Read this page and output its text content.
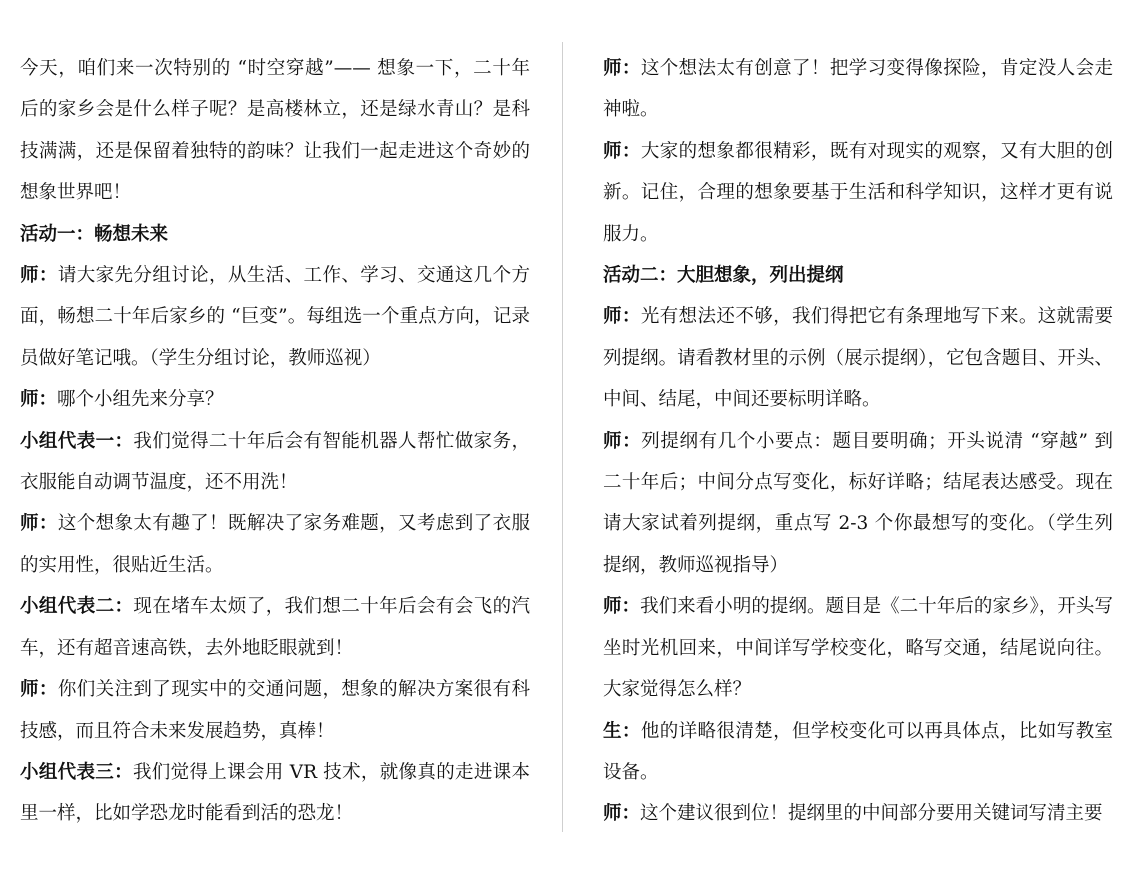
今天，咱们来一次特别的 “时空穿越”—— 想象一下，二十年后的家乡会是什么样子呢？是高楼林立，还是绿水青山？是科技满满，还是保留着独特的韵味？让我们一起走进这个奇妙的想象世界吧！

活动一：畅想未来

师：请大家先分组讨论，从生活、工作、学习、交通这几个方面，畅想二十年后家乡的 “巨变”。每组选一个重点方向，记录员做好笔记哦。（学生分组讨论，教师巡视）

师：哪个小组先来分享？

小组代表一：我们觉得二十年后会有智能机器人帮忙做家务，衣服能自动调节温度，还不用洗！

师：这个想象太有趣了！既解决了家务难题，又考虑到了衣服的实用性，很贴近生活。

小组代表二：现在堵车太烦了，我们想二十年后会有会飞的汽车，还有超音速高铁，去外地眨眼就到！

师：你们关注到了现实中的交通问题，想象的解决方案很有科技感，而且符合未来发展趋势，真棒！

小组代表三：我们觉得上课会用 VR 技术，就像真的走进课本里一样，比如学恐龙时能看到活的恐龙！

师：这个想法太有创意了！把学习变得像探险，肯定没人会走神啦。

师：大家的想象都很精彩，既有对现实的观察，又有大胆的创新。记住，合理的想象要基于生活和科学知识，这样才更有说服力。

活动二：大胆想象，列出提纲

师：光有想法还不够，我们得把它有条理地写下来。这就需要列提纲。请看教材里的示例（展示提纲），它包含题目、开头、中间、结尾，中间还要标明详略。

师：列提纲有几个小要点：题目要明确；开头说清 “穿越” 到二十年后；中间分点写变化，标好详略；结尾表达感受。现在请大家试着列提纲，重点写 2-3 个你最想写的变化。（学生列提纲，教师巡视指导）

师：我们来看小明的提纲。题目是《二十年后的家乡》，开头写坐时光机回来，中间详写学校变化，略写交通，结尾说向往。大家觉得怎么样？

生：他的详略很清楚，但学校变化可以再具体点，比如写教室设备。

师：这个建议很到位！提纲里的中间部分要用关键词写清主要
